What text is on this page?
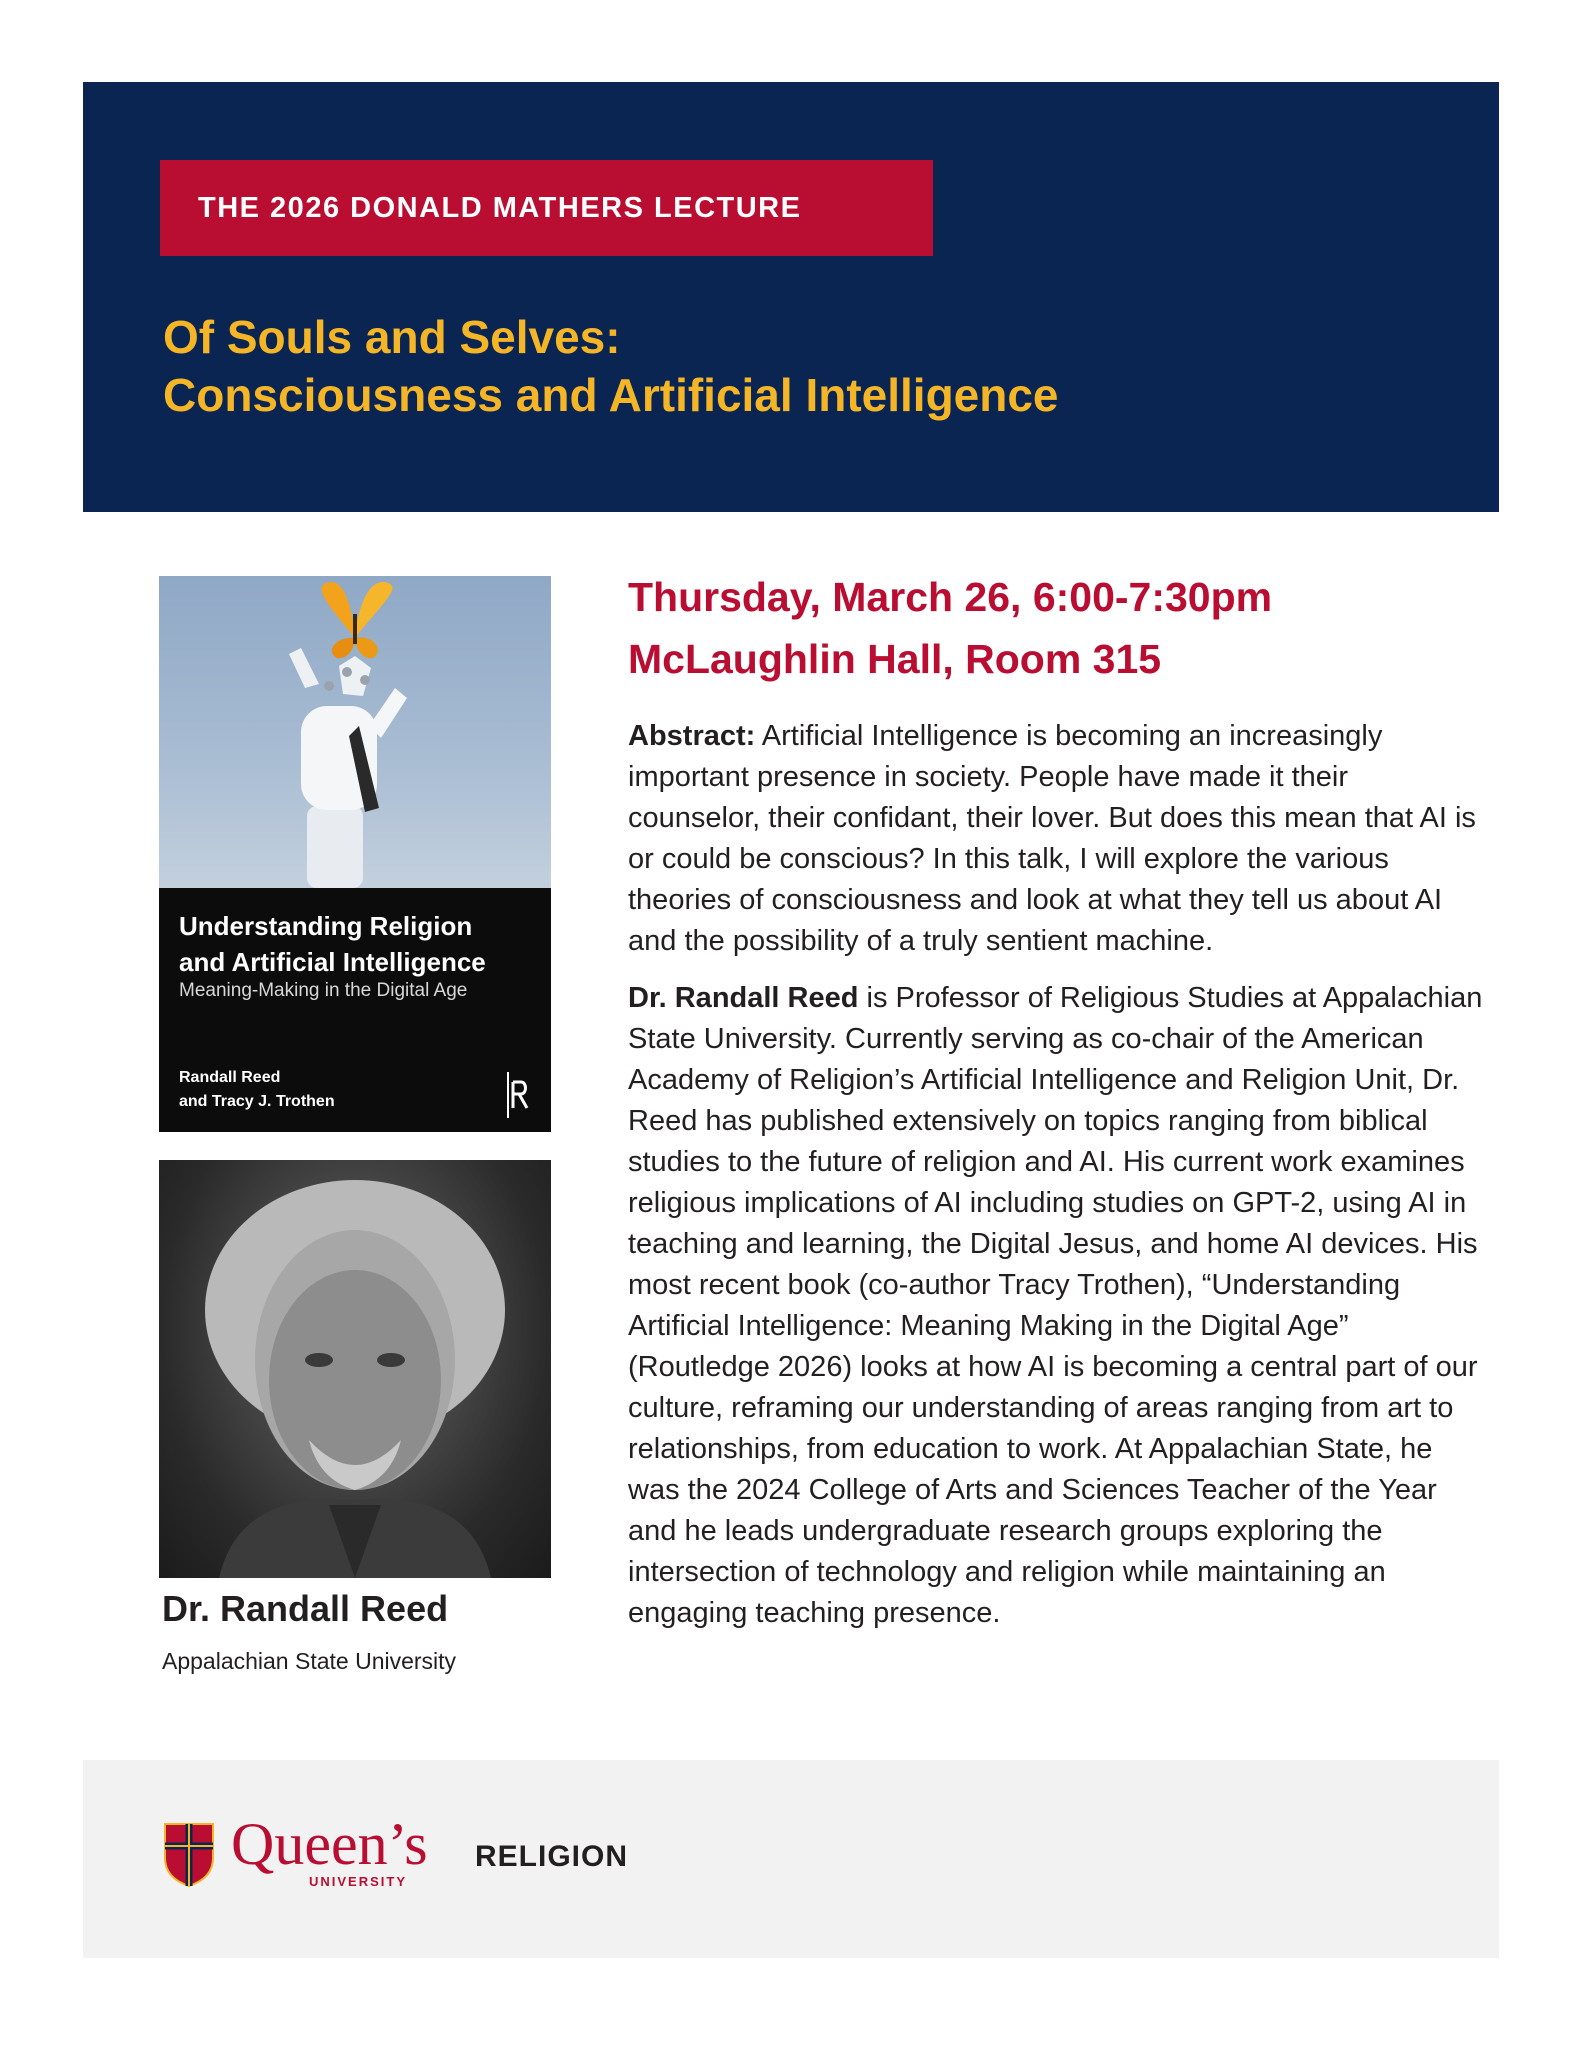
THE 2026 DONALD MATHERS LECTURE
Of Souls and Selves:
Consciousness and Artificial Intelligence
Understanding Religion
and Artificial Intelligence
Meaning-Making in the Digital Age
Randall Reed
and Tracy J. Trothen
Dr. Randall Reed
Appalachian State University
Thursday, March 26, 6:00-7:30pm
McLaughlin Hall, Room 315

Abstract: Artificial Intelligence is becoming an increasingly important presence in society. People have made it their counselor, their confidant, their lover. But does this mean that AI is or could be conscious? In this talk, I will explore the various theories of consciousness and look at what they tell us about AI and the possibility of a truly sentient machine.

Dr. Randall Reed is Professor of Religious Studies at Appalachian State University. Currently serving as co-chair of the American Academy of Religion’s Artificial Intelligence and Religion Unit, Dr. Reed has published extensively on topics ranging from biblical studies to the future of religion and AI. His current work examines religious implications of AI including studies on GPT-2, using AI in teaching and learning, the Digital Jesus, and home AI devices. His most recent book (co-author Tracy Trothen), “Understanding Artificial Intelligence: Meaning Making in the Digital Age” (Routledge 2026) looks at how AI is becoming a central part of our culture, reframing our understanding of areas ranging from art to relationships, from education to work. At Appalachian State, he was the 2024 College of Arts and Sciences Teacher of the Year and he leads undergraduate research groups exploring the intersection of technology and religion while maintaining an engaging teaching presence.

Queen’s
UNIVERSITY
RELIGION
